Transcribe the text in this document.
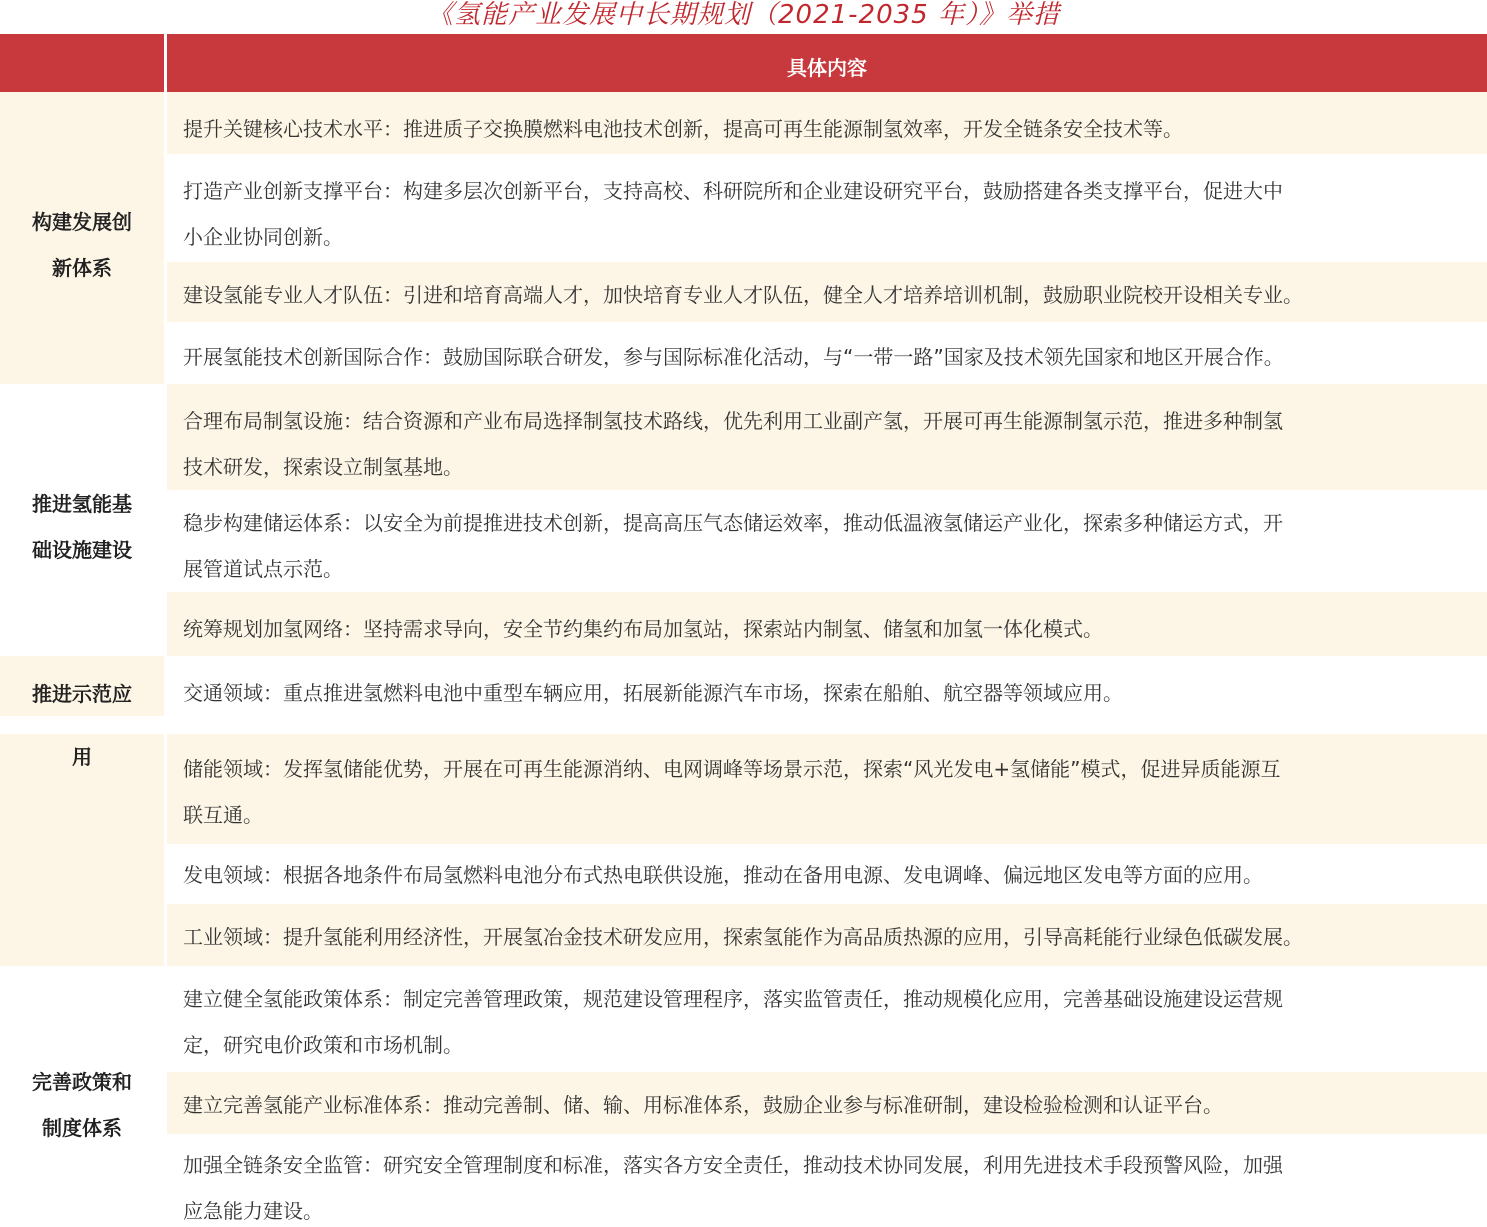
《氢能产业发展中长期规划（2021-2035 年）》举措
具体内容
构建发展创
新体系
推进氢能基
础设施建设
推进示范应
用
完善政策和
制度体系
提升关键核心技术水平：推进质子交换膜燃料电池技术创新，提高可再生能源制氢效率，开发全链条安全技术等。
打造产业创新支撑平台：构建多层次创新平台，支持高校、科研院所和企业建设研究平台，鼓励搭建各类支撑平台，促进大中
小企业协同创新。
建设氢能专业人才队伍：引进和培育高端人才，加快培育专业人才队伍，健全人才培养培训机制，鼓励职业院校开设相关专业。
开展氢能技术创新国际合作：鼓励国际联合研发，参与国际标准化活动，与“一带一路”国家及技术领先国家和地区开展合作。
合理布局制氢设施：结合资源和产业布局选择制氢技术路线，优先利用工业副产氢，开展可再生能源制氢示范，推进多种制氢
技术研发，探索设立制氢基地。
稳步构建储运体系：以安全为前提推进技术创新，提高高压气态储运效率，推动低温液氢储运产业化，探索多种储运方式，开
展管道试点示范。
统筹规划加氢网络：坚持需求导向，安全节约集约布局加氢站，探索站内制氢、储氢和加氢一体化模式。
交通领域：重点推进氢燃料电池中重型车辆应用，拓展新能源汽车市场，探索在船舶、航空器等领域应用。
储能领域：发挥氢储能优势，开展在可再生能源消纳、电网调峰等场景示范，探索“风光发电+氢储能”模式，促进异质能源互
联互通。
发电领域：根据各地条件布局氢燃料电池分布式热电联供设施，推动在备用电源、发电调峰、偏远地区发电等方面的应用。
工业领域：提升氢能利用经济性，开展氢冶金技术研发应用，探索氢能作为高品质热源的应用，引导高耗能行业绿色低碳发展。
建立健全氢能政策体系：制定完善管理政策，规范建设管理程序，落实监管责任，推动规模化应用，完善基础设施建设运营规
定，研究电价政策和市场机制。
建立完善氢能产业标准体系：推动完善制、储、输、用标准体系，鼓励企业参与标准研制，建设检验检测和认证平台。
加强全链条安全监管：研究安全管理制度和标准，落实各方安全责任，推动技术协同发展，利用先进技术手段预警风险，加强
应急能力建设。
